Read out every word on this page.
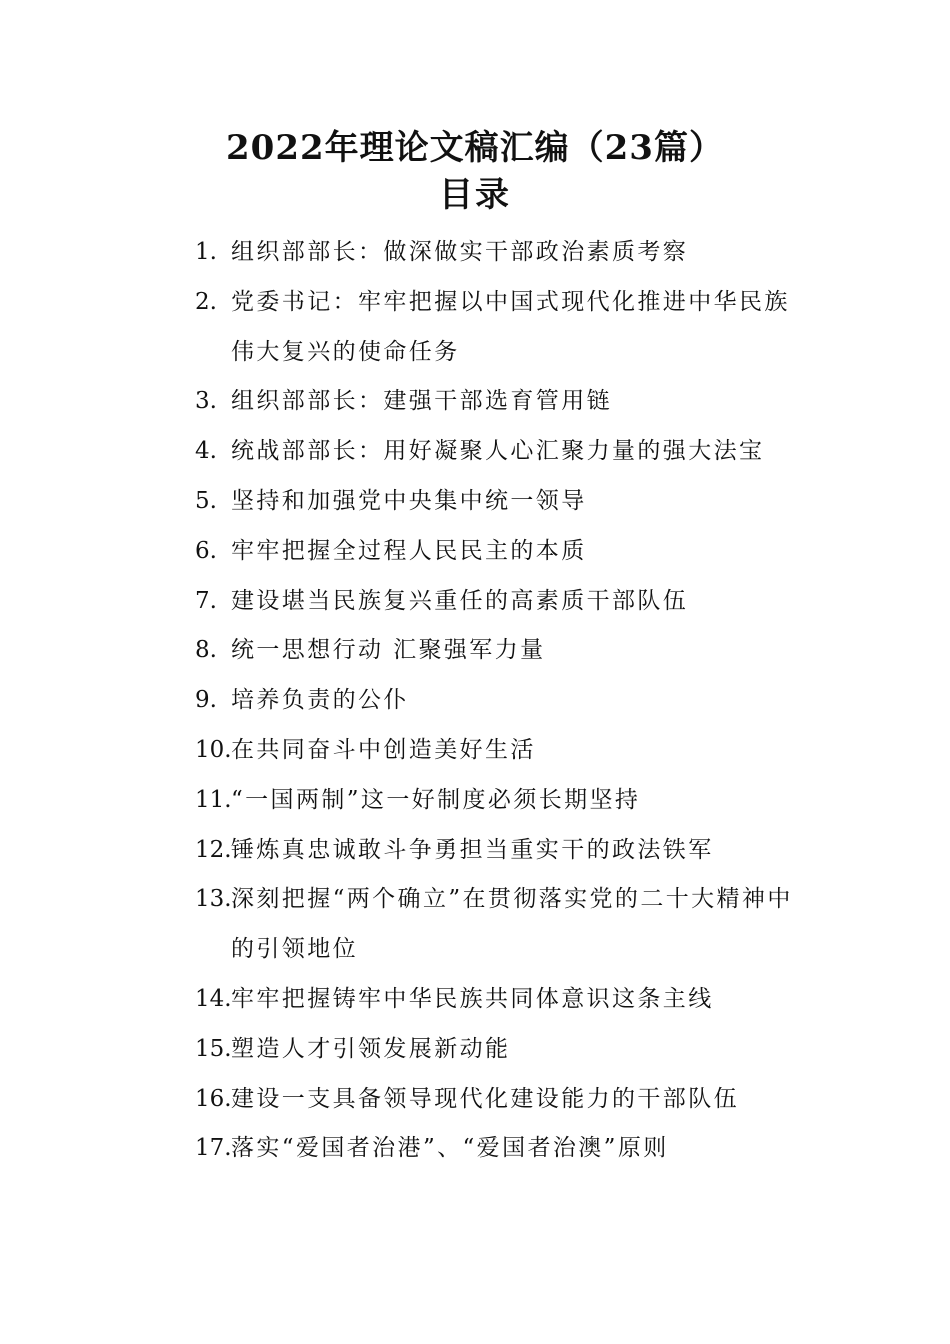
2022年理论文稿汇编（23篇）
目录
1. 组织部部长：做深做实干部政治素质考察
2. 党委书记：牢牢把握以中国式现代化推进中华民族伟大复兴的使命任务
3. 组织部部长：建强干部选育管用链
4. 统战部部长：用好凝聚人心汇聚力量的强大法宝
5. 坚持和加强党中央集中统一领导
6. 牢牢把握全过程人民民主的本质
7. 建设堪当民族复兴重任的高素质干部队伍
8. 统一思想行动 汇聚强军力量
9. 培养负责的公仆
10. 在共同奋斗中创造美好生活
11. “一国两制”这一好制度必须长期坚持
12. 锤炼真忠诚敢斗争勇担当重实干的政法铁军
13. 深刻把握“两个确立”在贯彻落实党的二十大精神中的引领地位
14. 牢牢把握铸牢中华民族共同体意识这条主线
15. 塑造人才引领发展新动能
16. 建设一支具备领导现代化建设能力的干部队伍
17. 落实“爱国者治港”、“爱国者治澳”原则
